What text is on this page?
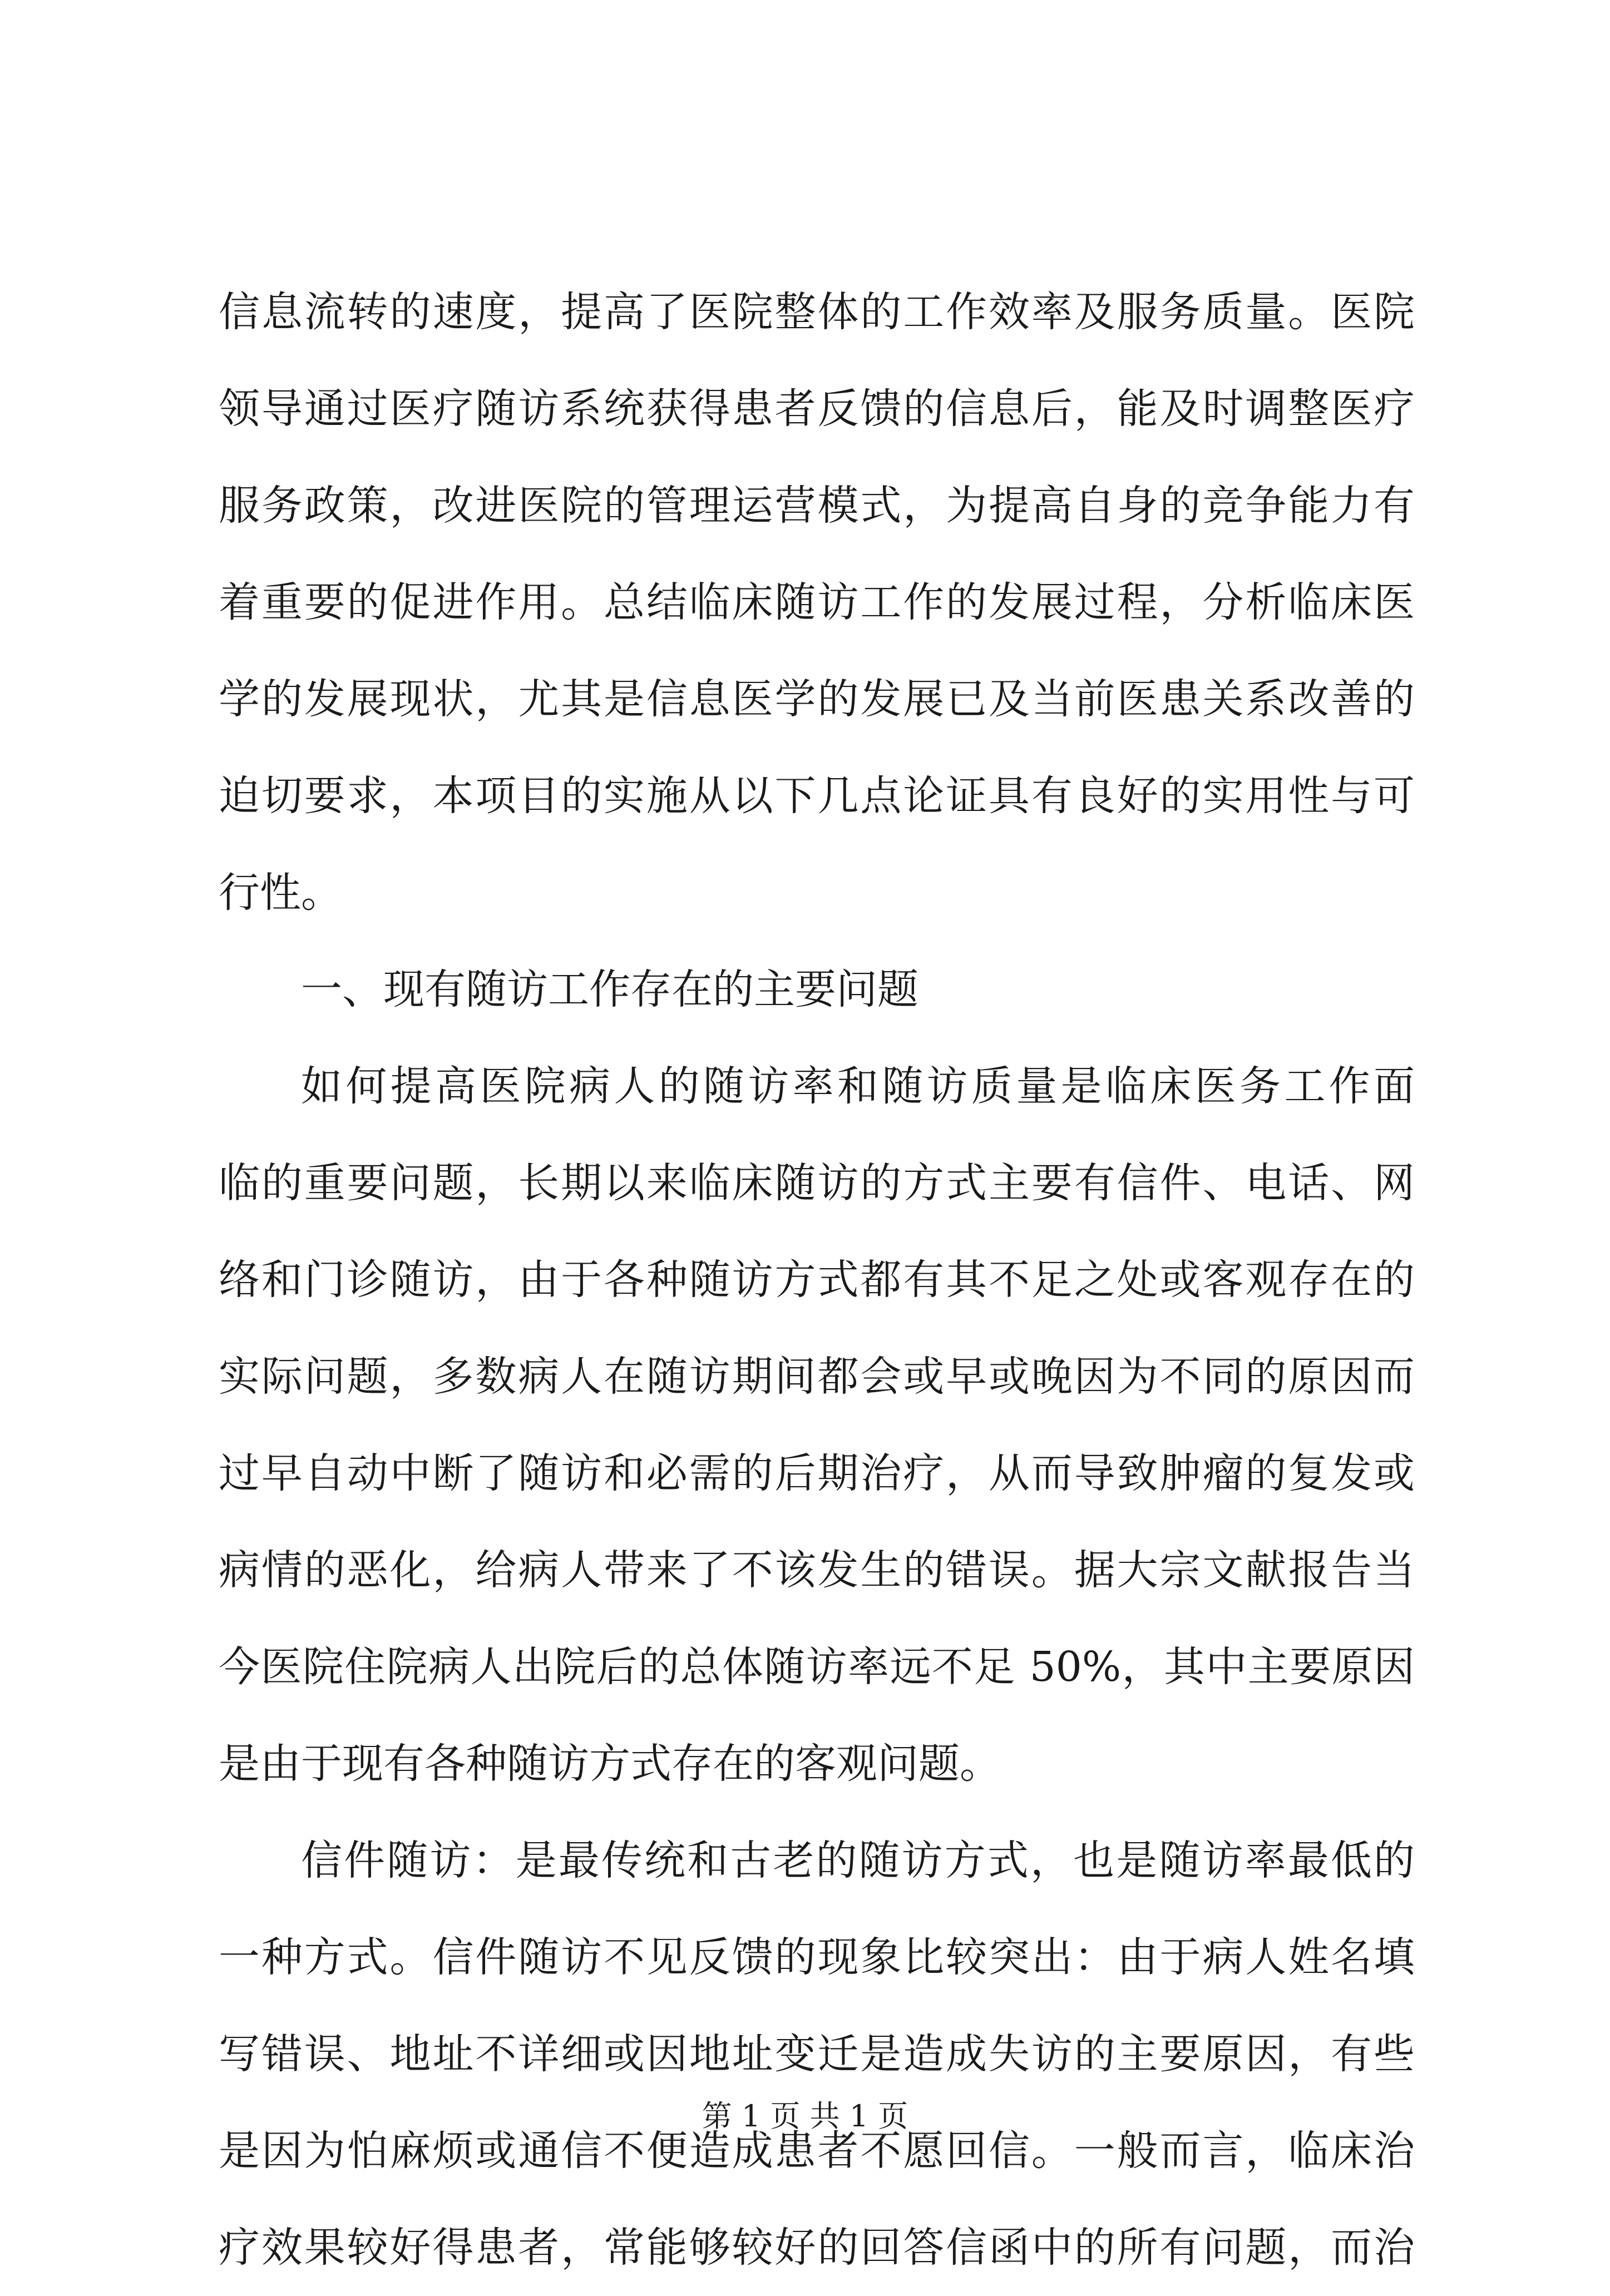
信息流转的速度，提高了医院整体的工作效率及服务质量。医院
领导通过医疗随访系统获得患者反馈的信息后，能及时调整医疗
服务政策，改进医院的管理运营模式，为提高自身的竞争能力有
着重要的促进作用。总结临床随访工作的发展过程，分析临床医
学的发展现状，尤其是信息医学的发展已及当前医患关系改善的
迫切要求，本项目的实施从以下几点论证具有良好的实用性与可
行性。
一、现有随访工作存在的主要问题
如何提高医院病人的随访率和随访质量是临床医务工作面
临的重要问题，长期以来临床随访的方式主要有信件、电话、网
络和门诊随访，由于各种随访方式都有其不足之处或客观存在的
实际问题，多数病人在随访期间都会或早或晚因为不同的原因而
过早自动中断了随访和必需的后期治疗，从而导致肿瘤的复发或
病情的恶化，给病人带来了不该发生的错误。据大宗文献报告当
今医院住院病人出院后的总体随访率远不足 50%，其中主要原因
是由于现有各种随访方式存在的客观问题。
信件随访：是最传统和古老的随访方式，也是随访率最低的
一种方式。信件随访不见反馈的现象比较突出：由于病人姓名填
写错误、地址不详细或因地址变迁是造成失访的主要原因，有些
是因为怕麻烦或通信不便造成患者不愿回信。一般而言，临床治
疗效果较好得患者，常能够较好的回答信函中的所有问题，而治
第 1 页 共 1 页
